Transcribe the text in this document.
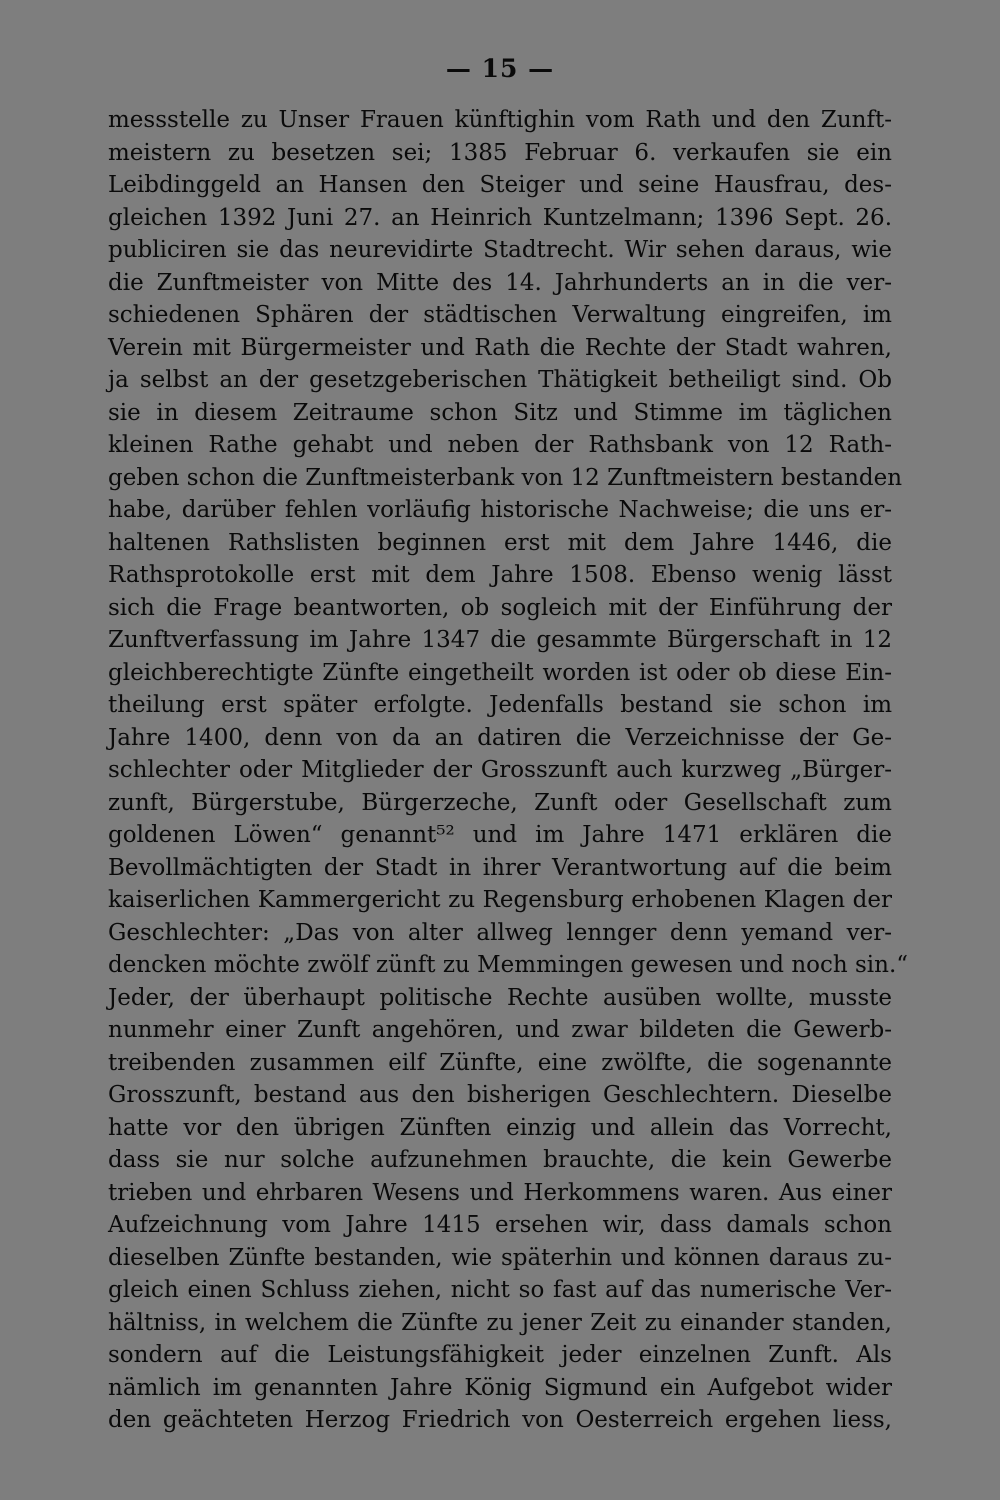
— 15 —
messstelle zu Unser Frauen künftighin vom Rath und den Zunft-
meistern zu besetzen sei; 1385 Februar 6. verkaufen sie ein
Leibdinggeld an Hansen den Steiger und seine Hausfrau, des-
gleichen 1392 Juni 27. an Heinrich Kuntzelmann; 1396 Sept. 26.
publiciren sie das neurevidirte Stadtrecht. Wir sehen daraus, wie
die Zunftmeister von Mitte des 14. Jahrhunderts an in die ver-
schiedenen Sphären der städtischen Verwaltung eingreifen, im
Verein mit Bürgermeister und Rath die Rechte der Stadt wahren,
ja selbst an der gesetzgeberischen Thätigkeit betheiligt sind. Ob
sie in diesem Zeitraume schon Sitz und Stimme im täglichen
kleinen Rathe gehabt und neben der Rathsbank von 12 Rath-
geben schon die Zunftmeisterbank von 12 Zunftmeistern bestanden
habe, darüber fehlen vorläufig historische Nachweise; die uns er-
haltenen Rathslisten beginnen erst mit dem Jahre 1446, die
Rathsprotokolle erst mit dem Jahre 1508. Ebenso wenig lässt
sich die Frage beantworten, ob sogleich mit der Einführung der
Zunftverfassung im Jahre 1347 die gesammte Bürgerschaft in 12
gleichberechtigte Zünfte eingetheilt worden ist oder ob diese Ein-
theilung erst später erfolgte. Jedenfalls bestand sie schon im
Jahre 1400, denn von da an datiren die Verzeichnisse der Ge-
schlechter oder Mitglieder der Grosszunft auch kurzweg „Bürger-
zunft, Bürgerstube, Bürgerzeche, Zunft oder Gesellschaft zum
goldenen Löwen“ genannt⁵² und im Jahre 1471 erklären die
Bevollmächtigten der Stadt in ihrer Verantwortung auf die beim
kaiserlichen Kammergericht zu Regensburg erhobenen Klagen der
Geschlechter: „Das von alter allweg lennger denn yemand ver-
dencken möchte zwölf zünft zu Memmingen gewesen und noch sin.“
Jeder, der überhaupt politische Rechte ausüben wollte, musste
nunmehr einer Zunft angehören, und zwar bildeten die Gewerb-
treibenden zusammen eilf Zünfte, eine zwölfte, die sogenannte
Grosszunft, bestand aus den bisherigen Geschlechtern. Dieselbe
hatte vor den übrigen Zünften einzig und allein das Vorrecht,
dass sie nur solche aufzunehmen brauchte, die kein Gewerbe
trieben und ehrbaren Wesens und Herkommens waren. Aus einer
Aufzeichnung vom Jahre 1415 ersehen wir, dass damals schon
dieselben Zünfte bestanden, wie späterhin und können daraus zu-
gleich einen Schluss ziehen, nicht so fast auf das numerische Ver-
hältniss, in welchem die Zünfte zu jener Zeit zu einander standen,
sondern auf die Leistungsfähigkeit jeder einzelnen Zunft. Als
nämlich im genannten Jahre König Sigmund ein Aufgebot wider
den geächteten Herzog Friedrich von Oesterreich ergehen liess,
